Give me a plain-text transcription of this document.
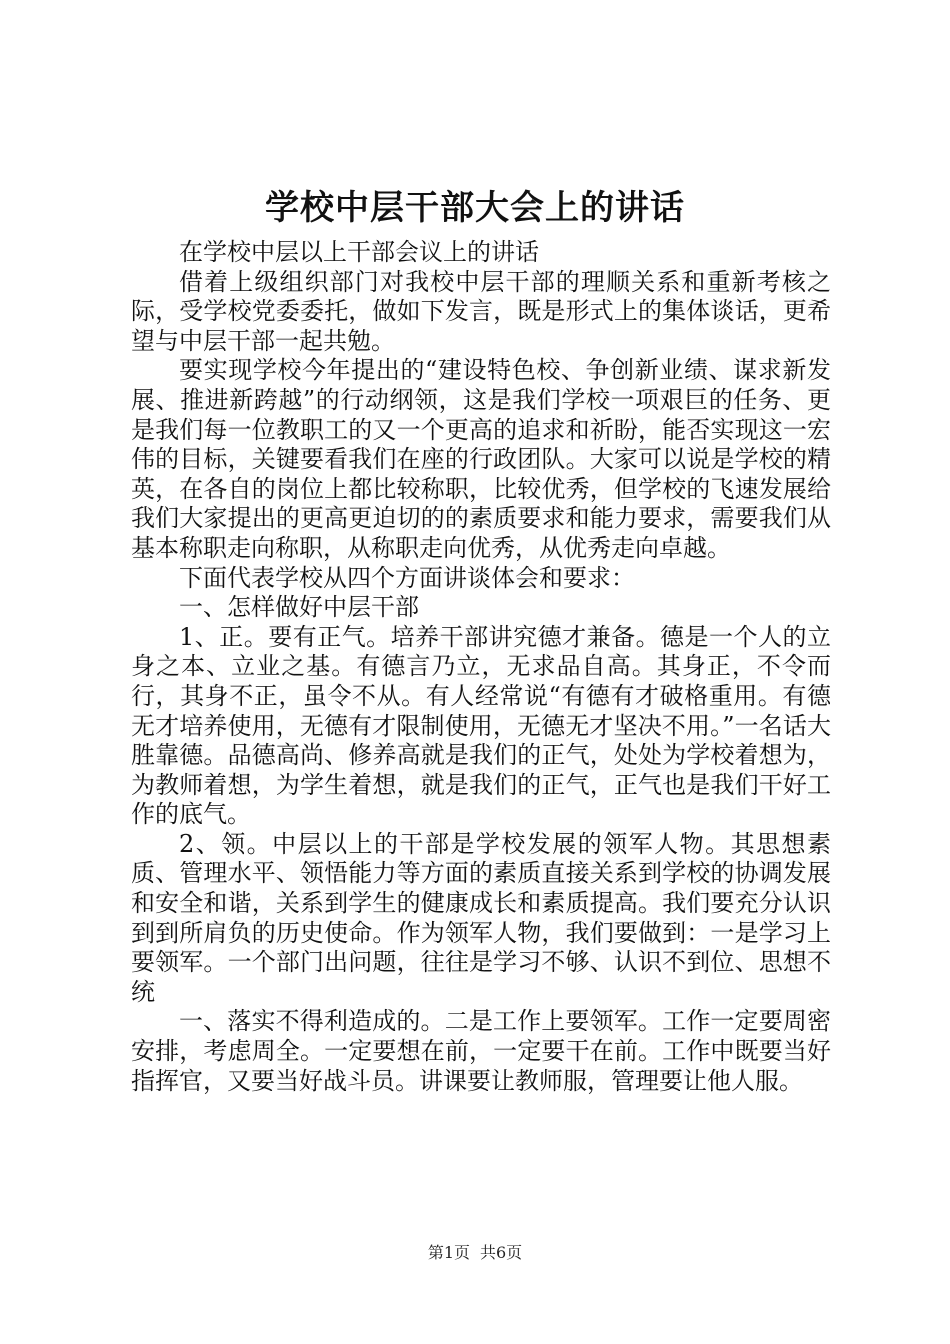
学校中层干部大会上的讲话

在学校中层以上干部会议上的讲话

借着上级组织部门对我校中层干部的理顺关系和重新考核之际，受学校党委委托，做如下发言，既是形式上的集体谈话，更希望与中层干部一起共勉。

要实现学校今年提出的“建设特色校、争创新业绩、谋求新发展、推进新跨越”的行动纲领，这是我们学校一项艰巨的任务、更是我们每一位教职工的又一个更高的追求和祈盼，能否实现这一宏伟的目标，关键要看我们在座的行政团队。大家可以说是学校的精英，在各自的岗位上都比较称职，比较优秀，但学校的飞速发展给我们大家提出的更高更迫切的的素质要求和能力要求，需要我们从基本称职走向称职，从称职走向优秀，从优秀走向卓越。

下面代表学校从四个方面讲谈体会和要求：

一、怎样做好中层干部

1、正。要有正气。培养干部讲究德才兼备。德是一个人的立身之本、立业之基。有德言乃立，无求品自高。其身正，不令而行，其身不正，虽令不从。有人经常说“有德有才破格重用。有德无才培养使用，无德有才限制使用，无德无才坚决不用。”一名话大胜靠德。品德高尚、修养高就是我们的正气，处处为学校着想为，为教师着想，为学生着想，就是我们的正气，正气也是我们干好工作的底气。

2、领。中层以上的干部是学校发展的领军人物。其思想素质、管理水平、领悟能力等方面的素质直接关系到学校的协调发展和安全和谐，关系到学生的健康成长和素质提高。我们要充分认识到到所肩负的历史使命。作为领军人物，我们要做到：一是学习上要领军。一个部门出问题，往往是学习不够、认识不到位、思想不统

一、落实不得利造成的。二是工作上要领军。工作一定要周密安排，考虑周全。一定要想在前，一定要干在前。工作中既要当好指挥官，又要当好战斗员。讲课要让教师服，管理要让他人服。

第1页 共6页
